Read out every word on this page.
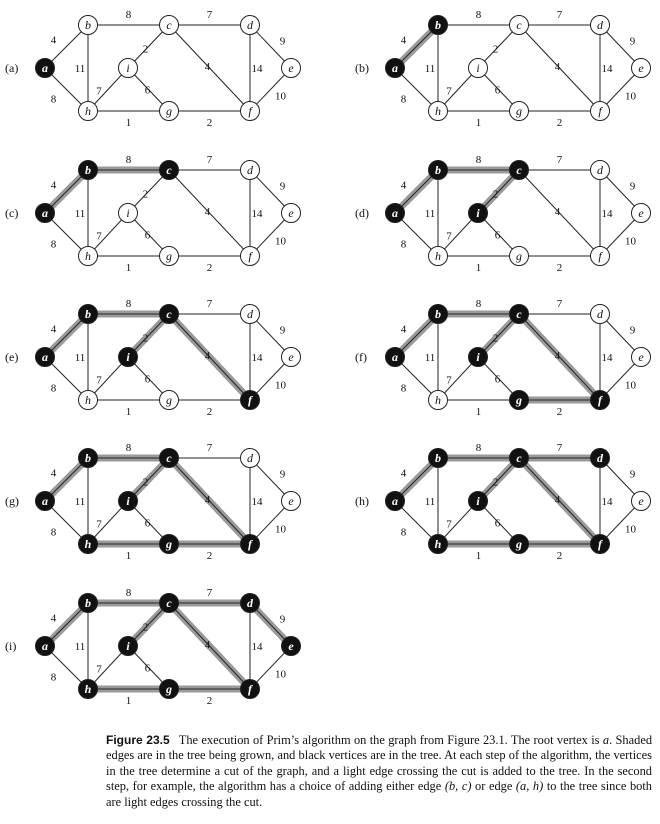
(a)
4
8
11
8
2
7
4
9
14
10
2
1
6
7
a
b	c	d
e
f
g
h
i	(b)
4
8
11
8
2
7
4
9
14
10
2
1
6
7
a
b	c	d
e
f
g
h
i
(c)
4
8
11
8
2
7
4
9
14
10
2
1
6
7
a
b	c	d
e
f
g
h
i	(d)
4
8
11
8
2
7
4
9
14
10
2
1
6
7
a
b	c	d
e
f
g
h
i
(e)
4
8
11
8
2
7
4
9
14
10
2
1
6
7
a
b	c	d
e
f
g
h
i	(f)
4
8
11
8
2
7
4
9
14
10
2
1
6
7
a
b	c	d
e
f
g
h
i
(g)
4
8
11
8
2
7
4
9
14
10
2
1
6
7
a
b	c	d
e
f
g
h
i	(h)
4
8
11
8
2
7
4
9
14
10
2
1
6
7
a
b	c	d
e
f
g
h
i
(i)
4
8
11
8
2
7
4
9
14
10
2
1
6
7
a
b	c	d
e
f
g
h
i
Figure 23.5 The execution of Prim’s algorithm on the graph from Figure 23.1. The root vertex is a. Shaded edges are in the tree being grown, and black vertices are in the tree. At each step of the algorithm, the vertices in the tree determine a cut of the graph, and a light edge crossing the cut is added to the tree. In the second step, for example, the algorithm has a choice of adding either edge (b, c) or edge (a, h) to the tree since both are light edges crossing the cut.
